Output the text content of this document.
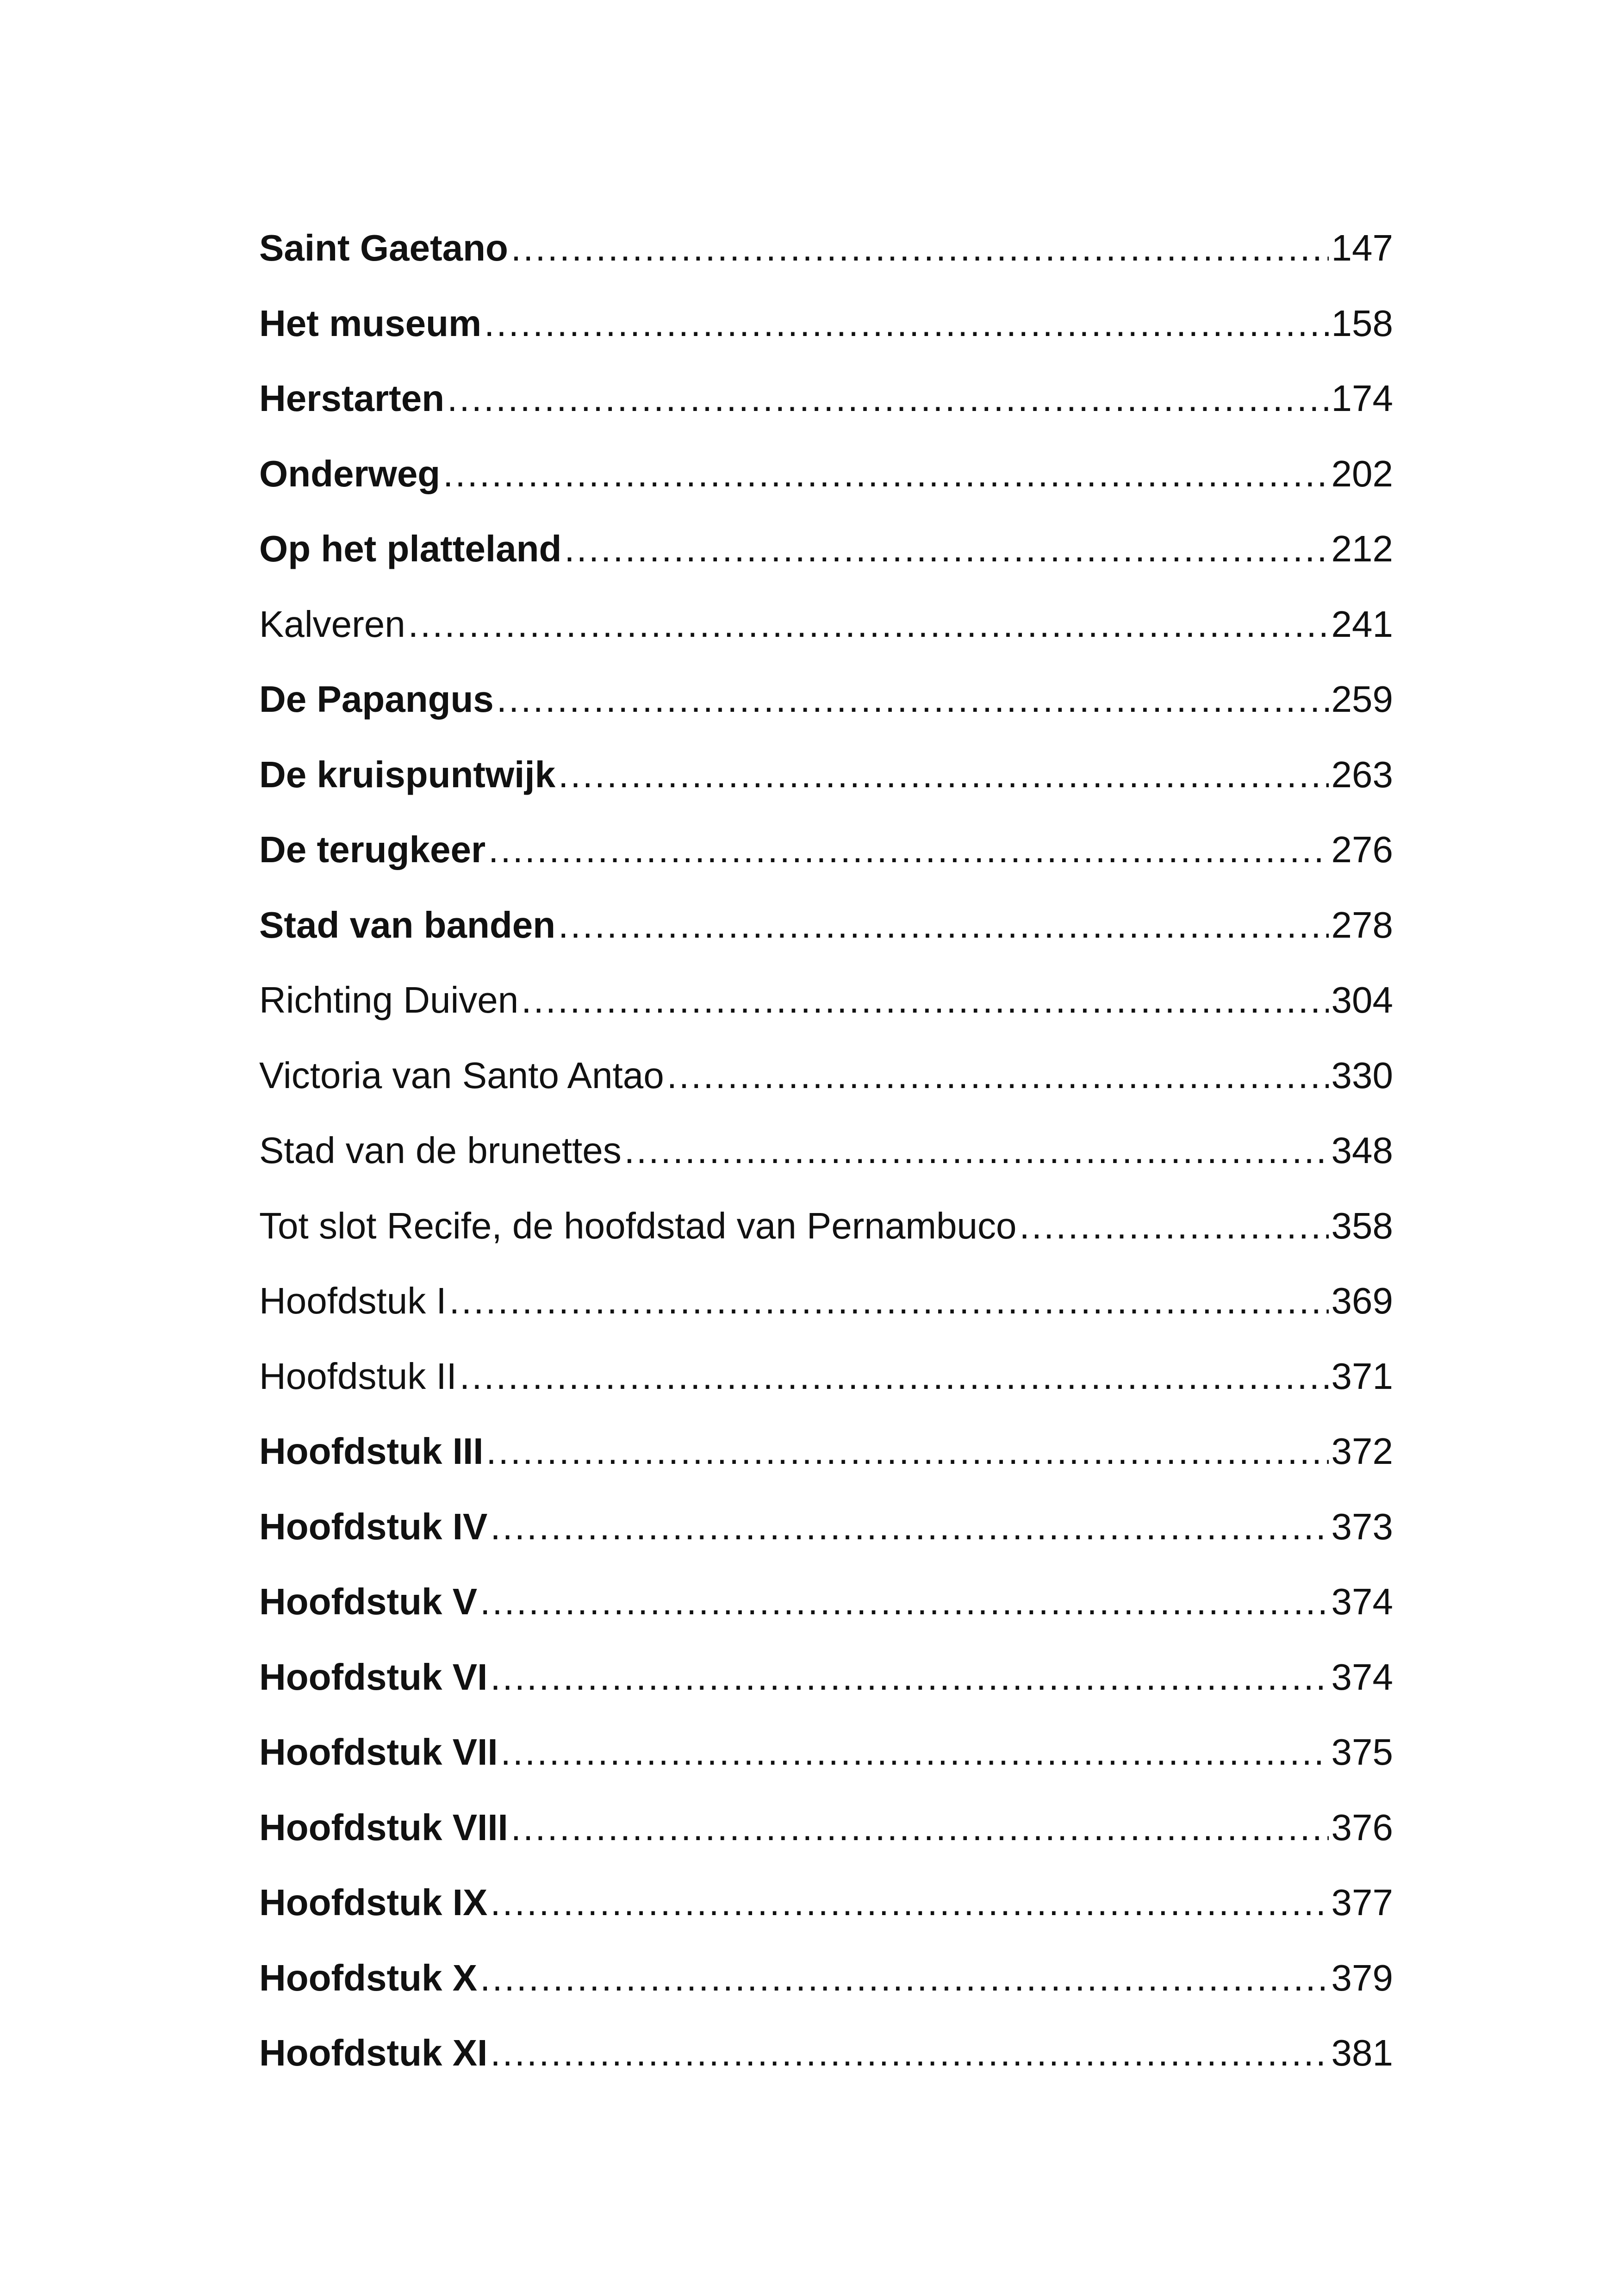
Saint Gaetano .....	147
Het museum .....	158
Herstarten .....	174
Onderweg .....	202
Op het platteland .....	212
Kalveren .....	241
De Papangus .....	259
De kruispuntwijk .....	263
De terugkeer .....	276
Stad van banden .....	278
Richting Duiven .....	304
Victoria van Santo Antao .....	330
Stad van de brunettes .....	348
Tot slot Recife, de hoofdstad van Pernambuco .....	358
Hoofdstuk I .....	369
Hoofdstuk II .....	371
Hoofdstuk III .....	372
Hoofdstuk IV .....	373
Hoofdstuk V .....	374
Hoofdstuk VI .....	374
Hoofdstuk VII .....	375
Hoofdstuk VIII .....	376
Hoofdstuk IX .....	377
Hoofdstuk X .....	379
Hoofdstuk XI .....	381
